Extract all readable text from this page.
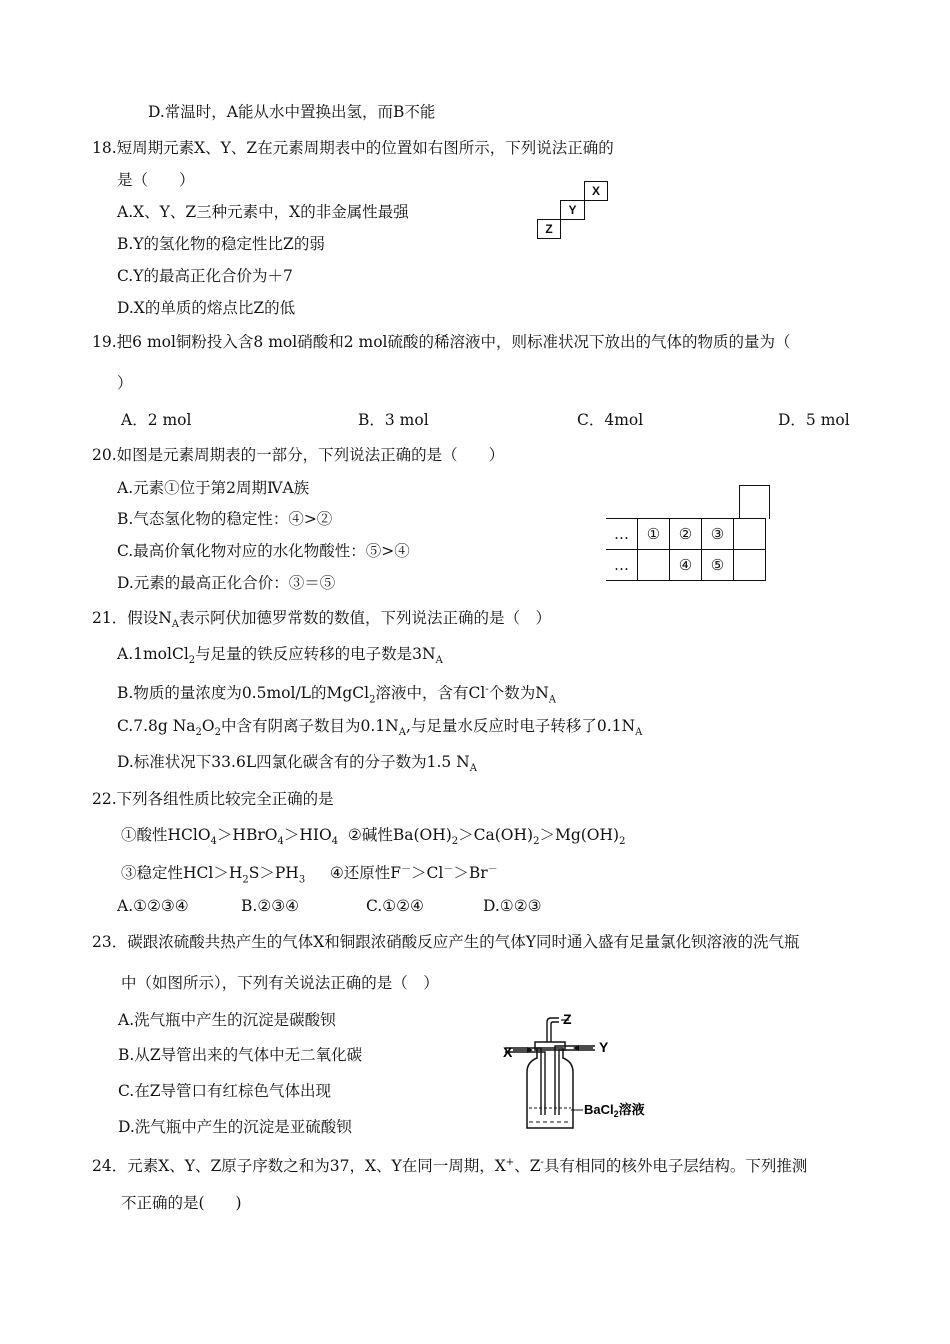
D.常温时，A能从水中置换出氢，而B不能
18.短周期元素X、Y、Z在元素周期表中的位置如右图所示，下列说法正确的
是（　　）
A.X、Y、Z三种元素中，X的非金属性最强
B.Y的氢化物的稳定性比Z的弱
C.Y的最高正化合价为＋7
D.X的单质的熔点比Z的低
X
Y
Z
19.把6 mol铜粉投入含8 mol硝酸和2 mol硫酸的稀溶液中，则标准状况下放出的气体的物质的量为（
）
A．2 mol	B．3 mol	C．4mol	D．5 mol
20.如图是元素周期表的一部分，下列说法正确的是（　　）
A.元素①位于第2周期ⅣA族
B.气态氢化物的稳定性：④>②
C.最高价氧化物对应的水化物酸性：⑤>④
D.元素的最高正化合价：③＝⑤
…	①	②	③	
…		④	⑤	
21．假设$N_A$表示阿伏加德罗常数的数值，下列说法正确的是（　）
A.1molCl$_2$与足量的铁反应转移的电子数是$3N_A$
B.物质的量浓度为0.5mol/L的MgCl$_2$溶液中，含有Cl-个数为$N_A$
C.7.8g $Na_2O_2$中含有阴离子数目为$0.1N_A$,与足量水反应时电子转移了$0.1N_A$
D.标准状况下33.6L四氯化碳含有的分子数为1.5 $N_A$
22.下列各组性质比较完全正确的是
①酸性$HClO_4>HBrO_4>HIO_4$ ②碱性$Ba(OH)_2>Ca(OH)_2>Mg(OH)_2$
③稳定性$HCl>H_2S>PH_3$ ④还原性F－＞Cl－＞Br－
A.①②③④	B.②③④	C.①②④	D.①②③
23．碳跟浓硫酸共热产生的气体X和铜跟浓硝酸反应产生的气体Y同时通入盛有足量氯化钡溶液的洗气瓶
中（如图所示），下列有关说法正确的是（　）
A.洗气瓶中产生的沉淀是碳酸钡
B.从Z导管出来的气体中无二氧化碳
C.在Z导管口有红棕色气体出现
D.洗气瓶中产生的沉淀是亚硫酸钡
X	Y
Z
BaCl$_2$溶液
24．元素X、Y、Z原子序数之和为37，X、Y在同一周期，X+、Z-具有相同的核外电子层结构。下列推测
不正确的是(　　)
